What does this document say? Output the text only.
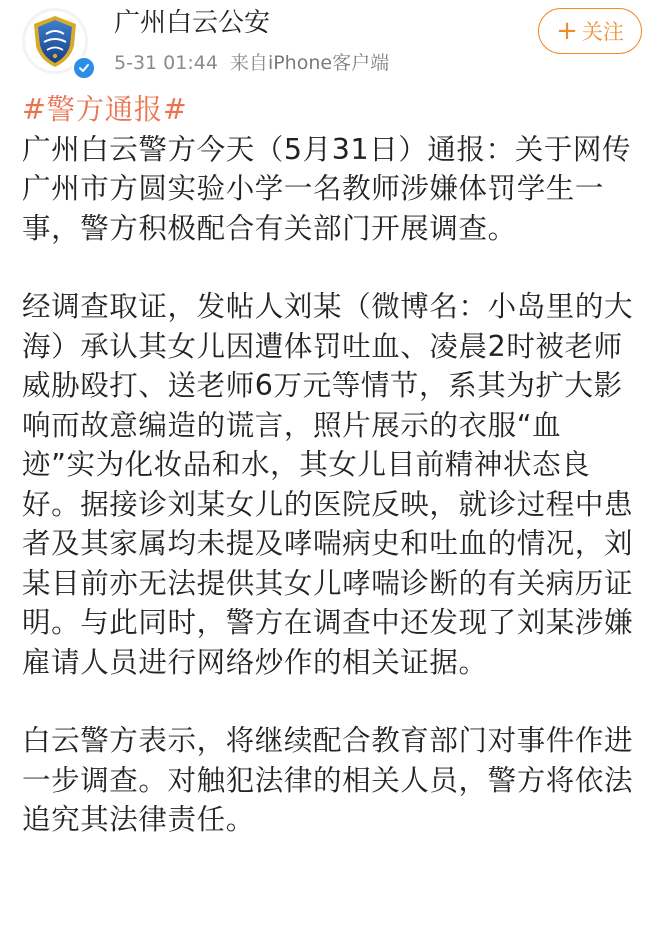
广州白云公安
5-31 01:44 来自iPhone客户端
+ 关注
#警方通报#

广州白云警方今天（5月31日）通报：关于网传广州市方圆实验小学一名教师涉嫌体罚学生一事，警方积极配合有关部门开展调查。

经调查取证，发帖人刘某（微博名：小岛里的大海）承认其女儿因遭体罚吐血、凌晨2时被老师威胁殴打、送老师6万元等情节，系其为扩大影响而故意编造的谎言，照片展示的衣服“血迹”实为化妆品和水，其女儿目前精神状态良好。据接诊刘某女儿的医院反映，就诊过程中患者及其家属均未提及哮喘病史和吐血的情况，刘某目前亦无法提供其女儿哮喘诊断的有关病历证明。与此同时，警方在调查中还发现了刘某涉嫌雇请人员进行网络炒作的相关证据。

白云警方表示，将继续配合教育部门对事件作进一步调查。对触犯法律的相关人员，警方将依法追究其法律责任。
